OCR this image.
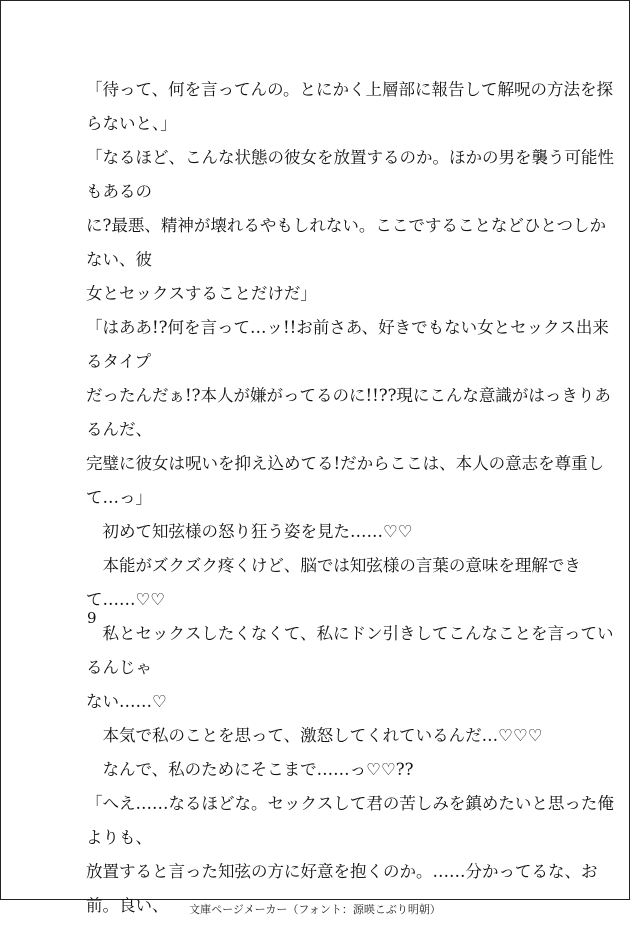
「待って、何を言ってんの。とにかく上層部に報告して解呪の方法を探らないと、」
「なるほど、こんな状態の彼女を放置するのか。ほかの男を襲う可能性もあるの
に?最悪、精神が壊れるやもしれない。ここですることなどひとつしかない、彼
女とセックスすることだけだ」
「はああ!?何を言って…ッ!!お前さあ、好きでもない女とセックス出来るタイプ
だったんだぁ!?本人が嫌がってるのに!!??現にこんな意識がはっきりあるんだ、
完璧に彼女は呪いを抑え込めてる!だからここは、本人の意志を尊重して…っ」
　初めて知弦様の怒り狂う姿を見た……♡♡
　本能がズクズク疼くけど、脳では知弦様の言葉の意味を理解できて……♡♡
　私とセックスしたくなくて、私にドン引きしてこんなことを言っているんじゃ
ない……♡
　本気で私のことを思って、激怒してくれているんだ…♡♡♡
　なんで、私のためにそこまで……っ♡♡??
「へえ……なるほどな。セックスして君の苦しみを鎮めたいと思った俺よりも、
放置すると言った知弦の方に好意を抱くのか。……分かってるな、お前。良い、
9
文庫ページメーカー（フォント：源暎こぶり明朝）
